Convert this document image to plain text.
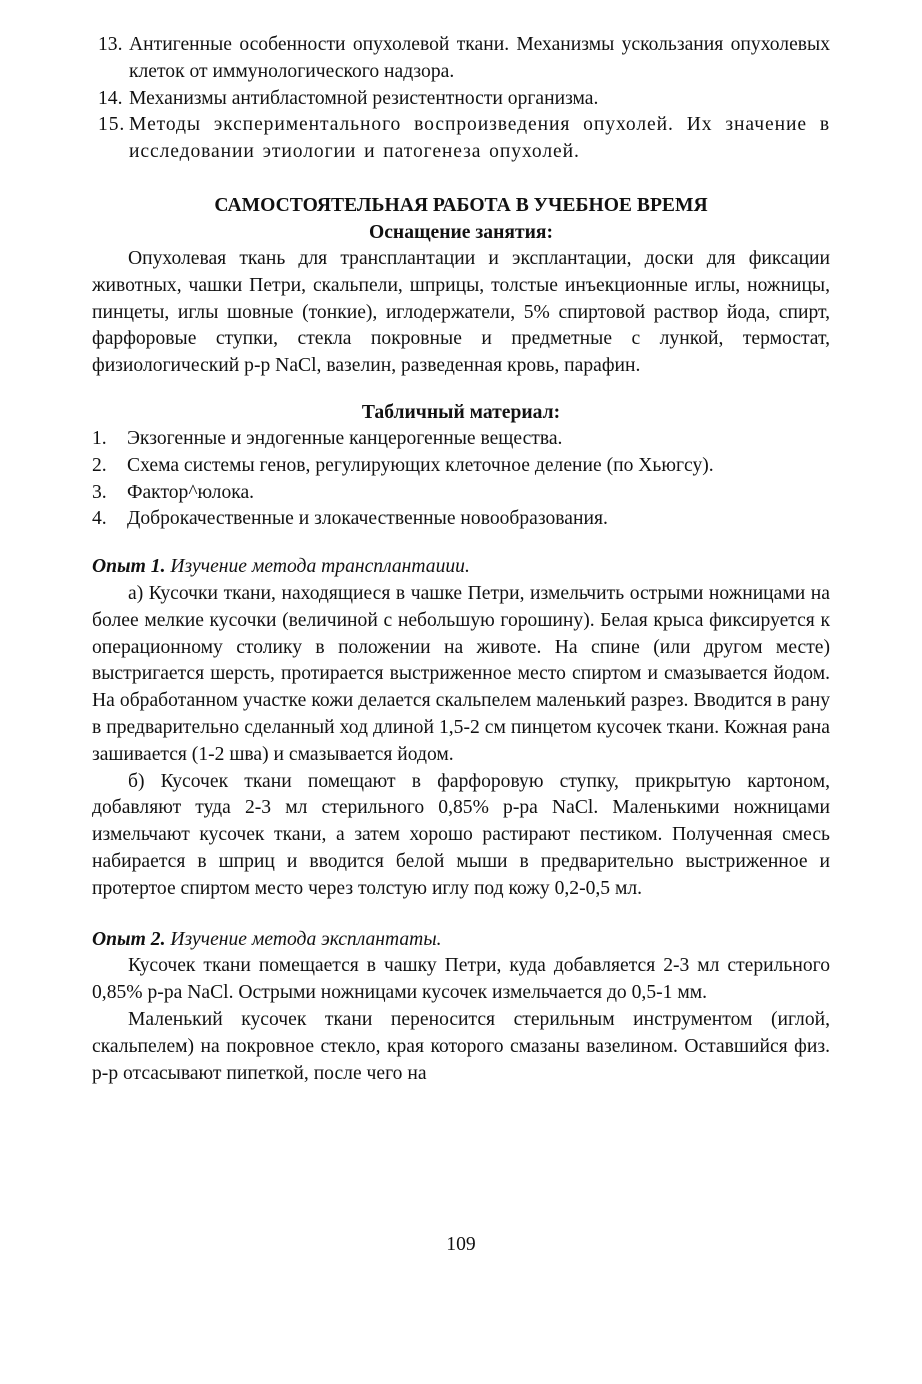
13. Антигенные особенности опухолевой ткани. Механизмы ускользания опухолевых клеток от иммунологического надзора.
14. Механизмы антибластомной резистентности организма.
15. Методы экспериментального воспроизведения опухолей. Их значение в исследовании этиологии и патогенеза опухолей.
САМОСТОЯТЕЛЬНАЯ РАБОТА В УЧЕБНОЕ ВРЕМЯ
Оснащение занятия:

Опухолевая ткань для трансплантации и эксплантации, доски для фиксации животных, чашки Петри, скальпели, шприцы, толстые инъекционные иглы, ножницы, пинцеты, иглы шовные (тонкие), иглодержатели, 5% спиртовой раствор йода, спирт, фарфоровые ступки, стекла покровные и предметные с лункой, термостат, физиологический р-р NaCl, вазелин, разведенная кровь, парафин.

Табличный материал:
1. Экзогенные и эндогенные канцерогенные вещества.
2. Схема системы генов, регулирующих клеточное деление (по Хьюгсу).
3. Фактор^юлока.
4. Доброкачественные и злокачественные новообразования.

Опыт 1. Изучение метода трансплантаиии.

а) Кусочки ткани, находящиеся в чашке Петри, измельчить острыми ножницами на более мелкие кусочки (величиной с небольшую горошину). Белая крыса фиксируется к операционному столику в положении на животе. На спине (или другом месте) выстригается шерсть, протирается выстриженное место спиртом и смазывается йодом. На обработанном участке кожи делается скальпелем маленький разрез. Вводится в рану в предварительно сделанный ход длиной 1,5-2 см пинцетом кусочек ткани. Кожная рана зашивается (1-2 шва) и смазывается йодом.

б) Кусочек ткани помещают в фарфоровую ступку, прикрытую картоном, добавляют туда 2-3 мл стерильного 0,85% р-ра NaCl. Маленькими ножницами измельчают кусочек ткани, а затем хорошо растирают пестиком. Полученная смесь набирается в шприц и вводится белой мыши в предварительно выстриженное и протертое спиртом место через толстую иглу под кожу 0,2-0,5 мл.

Опыт 2. Изучение метода эксплантаты.

Кусочек ткани помещается в чашку Петри, куда добавляется 2-3 мл стерильного 0,85% р-ра NaCl. Острыми ножницами кусочек измельчается до 0,5-1 мм.

Маленький кусочек ткани переносится стерильным инструментом (иглой, скальпелем) на покровное стекло, края которого смазаны вазелином. Оставшийся физ. р-р отсасывают пипеткой, после чего на

109
